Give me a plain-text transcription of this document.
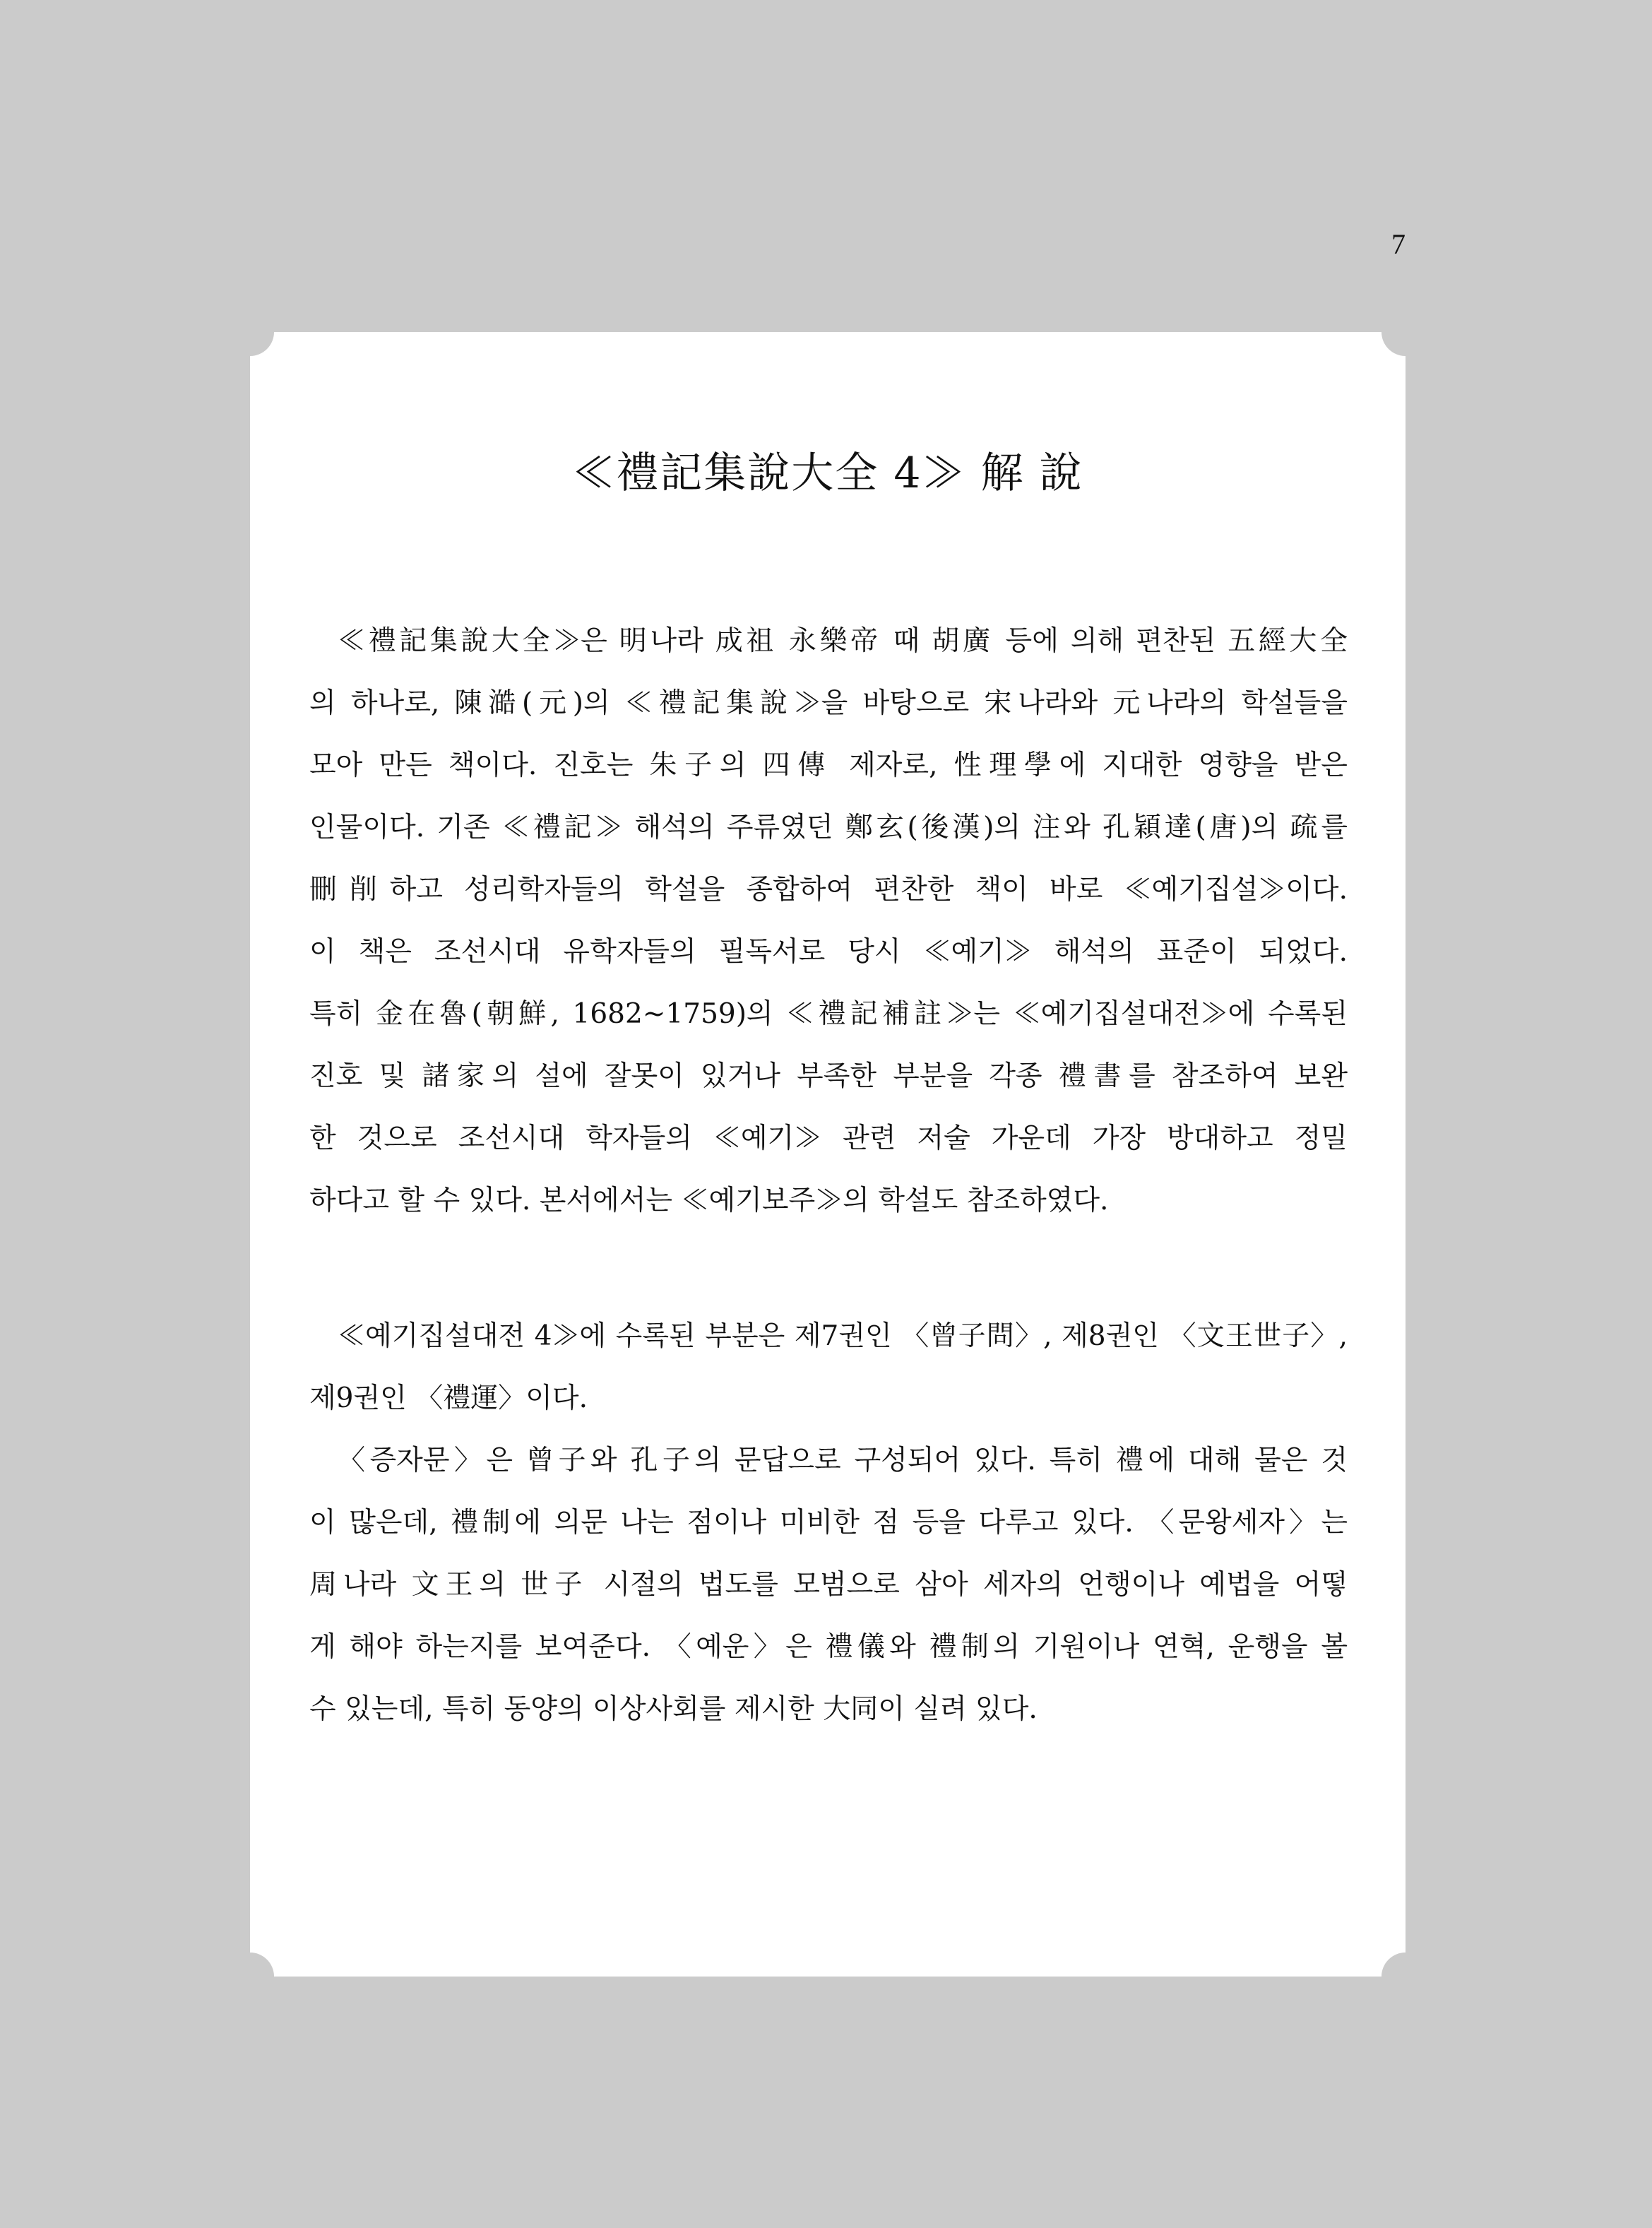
7
≪禮記集說大全 4≫ 解 說
≪禮記集說大全≫은 明나라 成祖 永樂帝 때 胡廣 등에 의해 편찬된 五經大全
의 하나로, 陳澔(元)의 ≪禮記集說≫을 바탕으로 宋나라와 元나라의 학설들을
모아 만든 책이다. 진호는 朱子의 四傳 제자로, 性理學에 지대한 영향을 받은
인물이다. 기존 ≪禮記≫ 해석의 주류였던 鄭玄(後漢)의 注와 孔穎達(唐)의 疏를
刪削하고 성리학자들의 학설을 종합하여 편찬한 책이 바로 ≪예기집설≫이다.
이 책은 조선시대 유학자들의 필독서로 당시 ≪예기≫ 해석의 표준이 되었다.
특히 金在魯(朝鮮, 1682~1759)의 ≪禮記補註≫는 ≪예기집설대전≫에 수록된
진호 및 諸家의 설에 잘못이 있거나 부족한 부분을 각종 禮書를 참조하여 보완
한 것으로 조선시대 학자들의 ≪예기≫ 관련 저술 가운데 가장 방대하고 정밀
하다고 할 수 있다. 본서에서는 ≪예기보주≫의 학설도 참조하였다.
≪예기집설대전 4≫에 수록된 부분은 제7권인 〈曾子問〉, 제8권인 〈文王世子〉,
제9권인 〈禮運〉이다.
〈증자문〉은 曾子와 孔子의 문답으로 구성되어 있다. 특히 禮에 대해 물은 것
이 많은데, 禮制에 의문 나는 점이나 미비한 점 등을 다루고 있다. 〈문왕세자〉는
周나라 文王의 世子 시절의 법도를 모범으로 삼아 세자의 언행이나 예법을 어떻
게 해야 하는지를 보여준다. 〈예운〉은 禮儀와 禮制의 기원이나 연혁, 운행을 볼
수 있는데, 특히 동양의 이상사회를 제시한 大同이 실려 있다.
